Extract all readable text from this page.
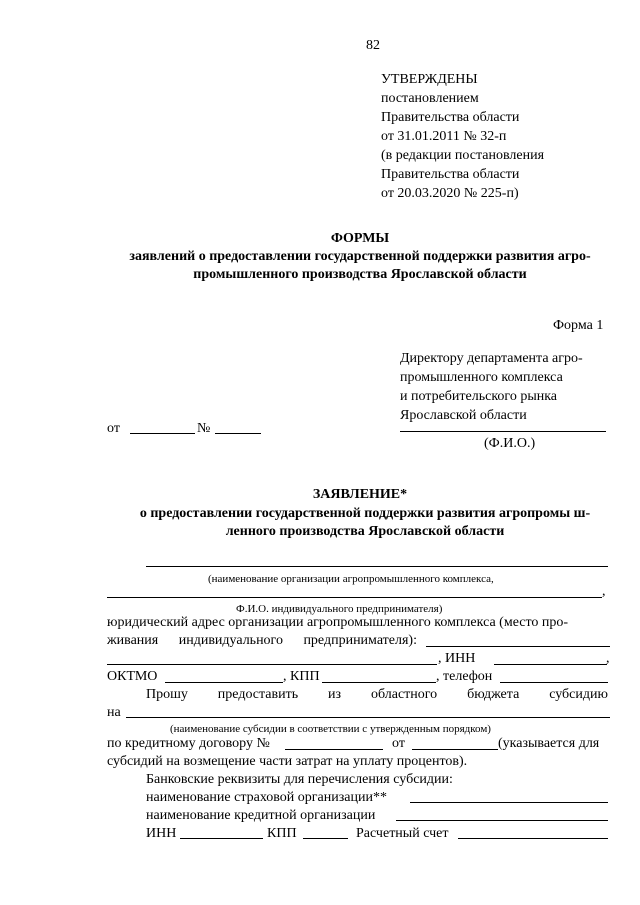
82
УТВЕРЖДЕНЫ
постановлением
Правительства области
от 31.01.2011 № 32-п
(в редакции постановления
Правительства области
от 20.03.2020 № 225-п)
ФОРМЫ
заявлений о предоставлении государственной поддержки развития агро-
промышленного производства Ярославской области
Форма 1
Директору департамента агро-
промышленного комплекса
и потребительского рынка
Ярославской области
(Ф.И.О.)
от	№
ЗАЯВЛЕНИЕ*
о предоставлении государственной поддержки развития агропромы ш-
ленного производства Ярославской области
(наименование организации агропромышленного комплекса,
,
Ф.И.О. индивидуального предпринимателя)
юридический адрес организации агропромышленного комплекса (место про-
живания индивидуального предпринимателя):
, ИНН	,
ОКТМО	, КПП	, телефон
Прошу предоставить из областного бюджета субсидию
на
(наименование субсидии в соответствии с утвержденным порядком)
по кредитному договору №	от	(указывается для
субсидий на возмещение части затрат на уплату процентов).
Банковские реквизиты для перечисления субсидии:
наименование страховой организации**
наименование кредитной организации
ИНН	КПП	Расчетный счет
